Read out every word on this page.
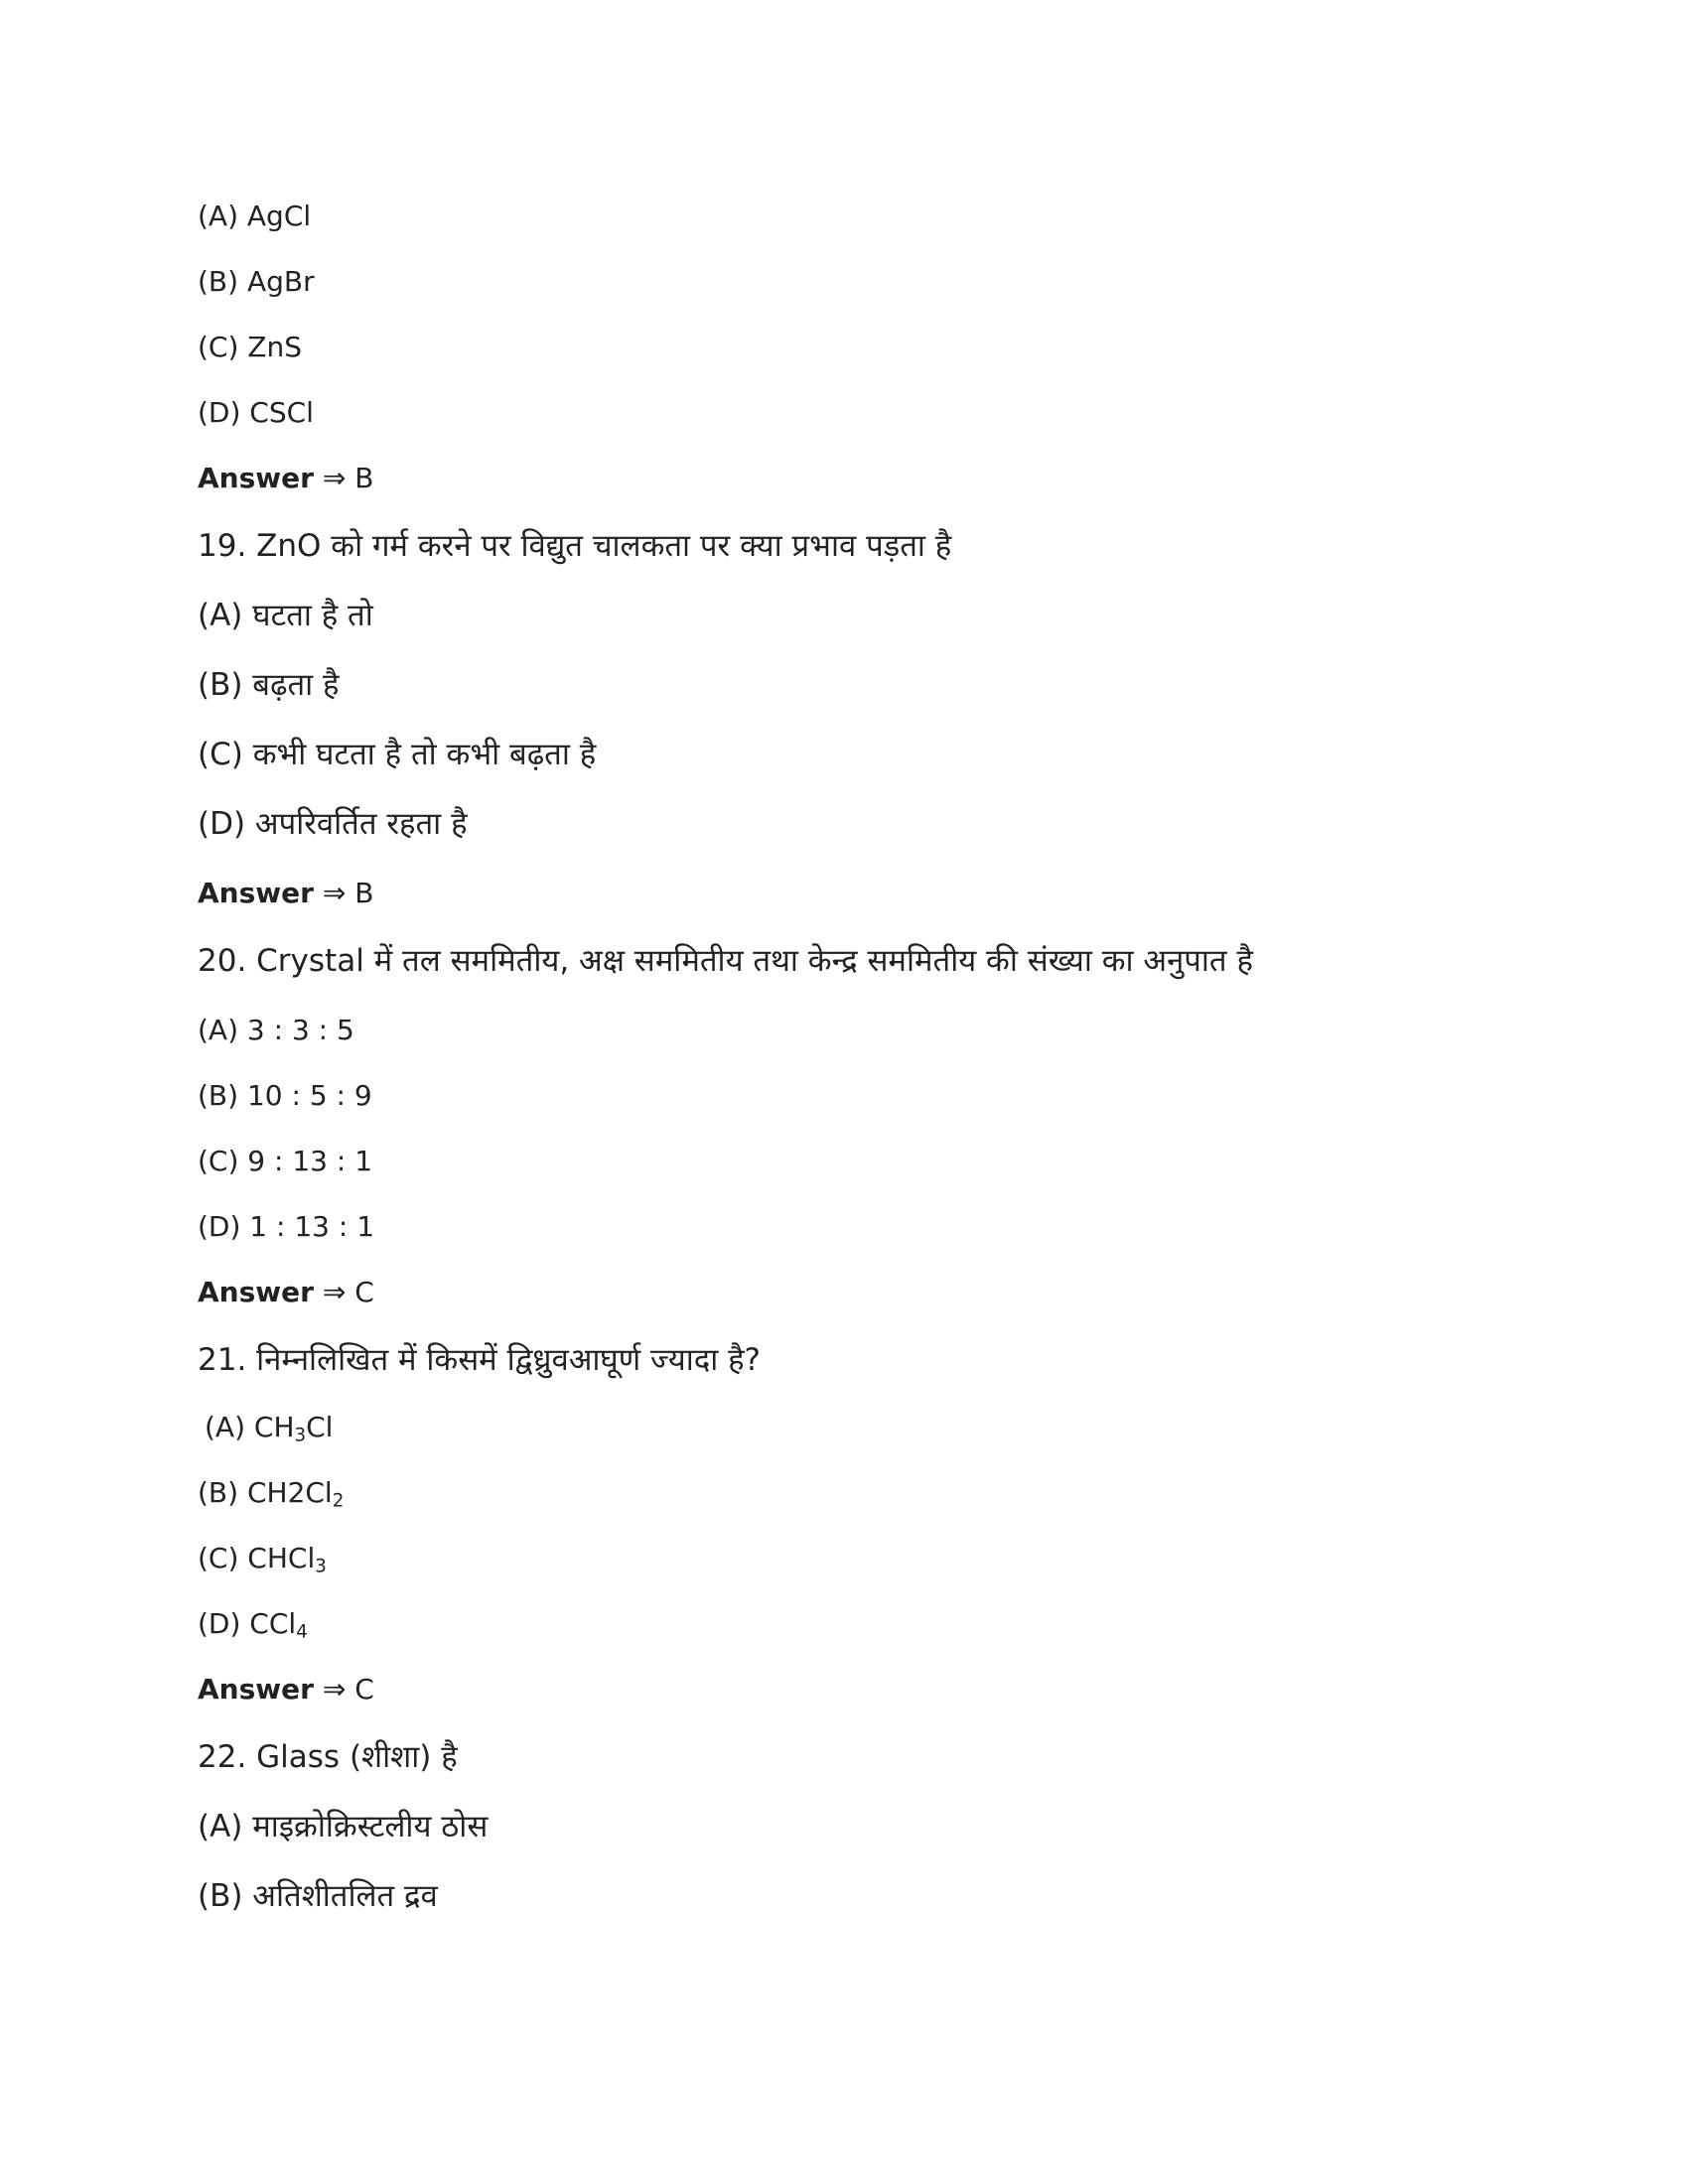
(A) AgCl
(B) AgBr
(C) ZnS
(D) CSCl
Answer ⇒ B
19. ZnO को गर्म करने पर विद्युत चालकता पर क्या प्रभाव पड़ता है
(A) घटता है तो
(B) बढ़ता है
(C) कभी घटता है तो कभी बढ़ता है
(D) अपरिवर्तित रहता है
Answer ⇒ B
20. Crystal में तल सममितीय, अक्ष सममितीय तथा केन्द्र सममितीय की संख्या का अनुपात है
(A) 3 : 3 : 5
(B) 10 : 5 : 9
(C) 9 : 13 : 1
(D) 1 : 13 : 1
Answer ⇒ C
21. निम्नलिखित में किसमें द्विध्रुवआघूर्ण ज्यादा है?
(A) $CH_3Cl$
(B) $CH2Cl_2$
(C) CHCl$_3$
(D) CCl$_4$
Answer ⇒ C
22. Glass (शीशा) है
(A) माइक्रोक्रिस्टलीय ठोस
(B) अतिशीतलित द्रव
